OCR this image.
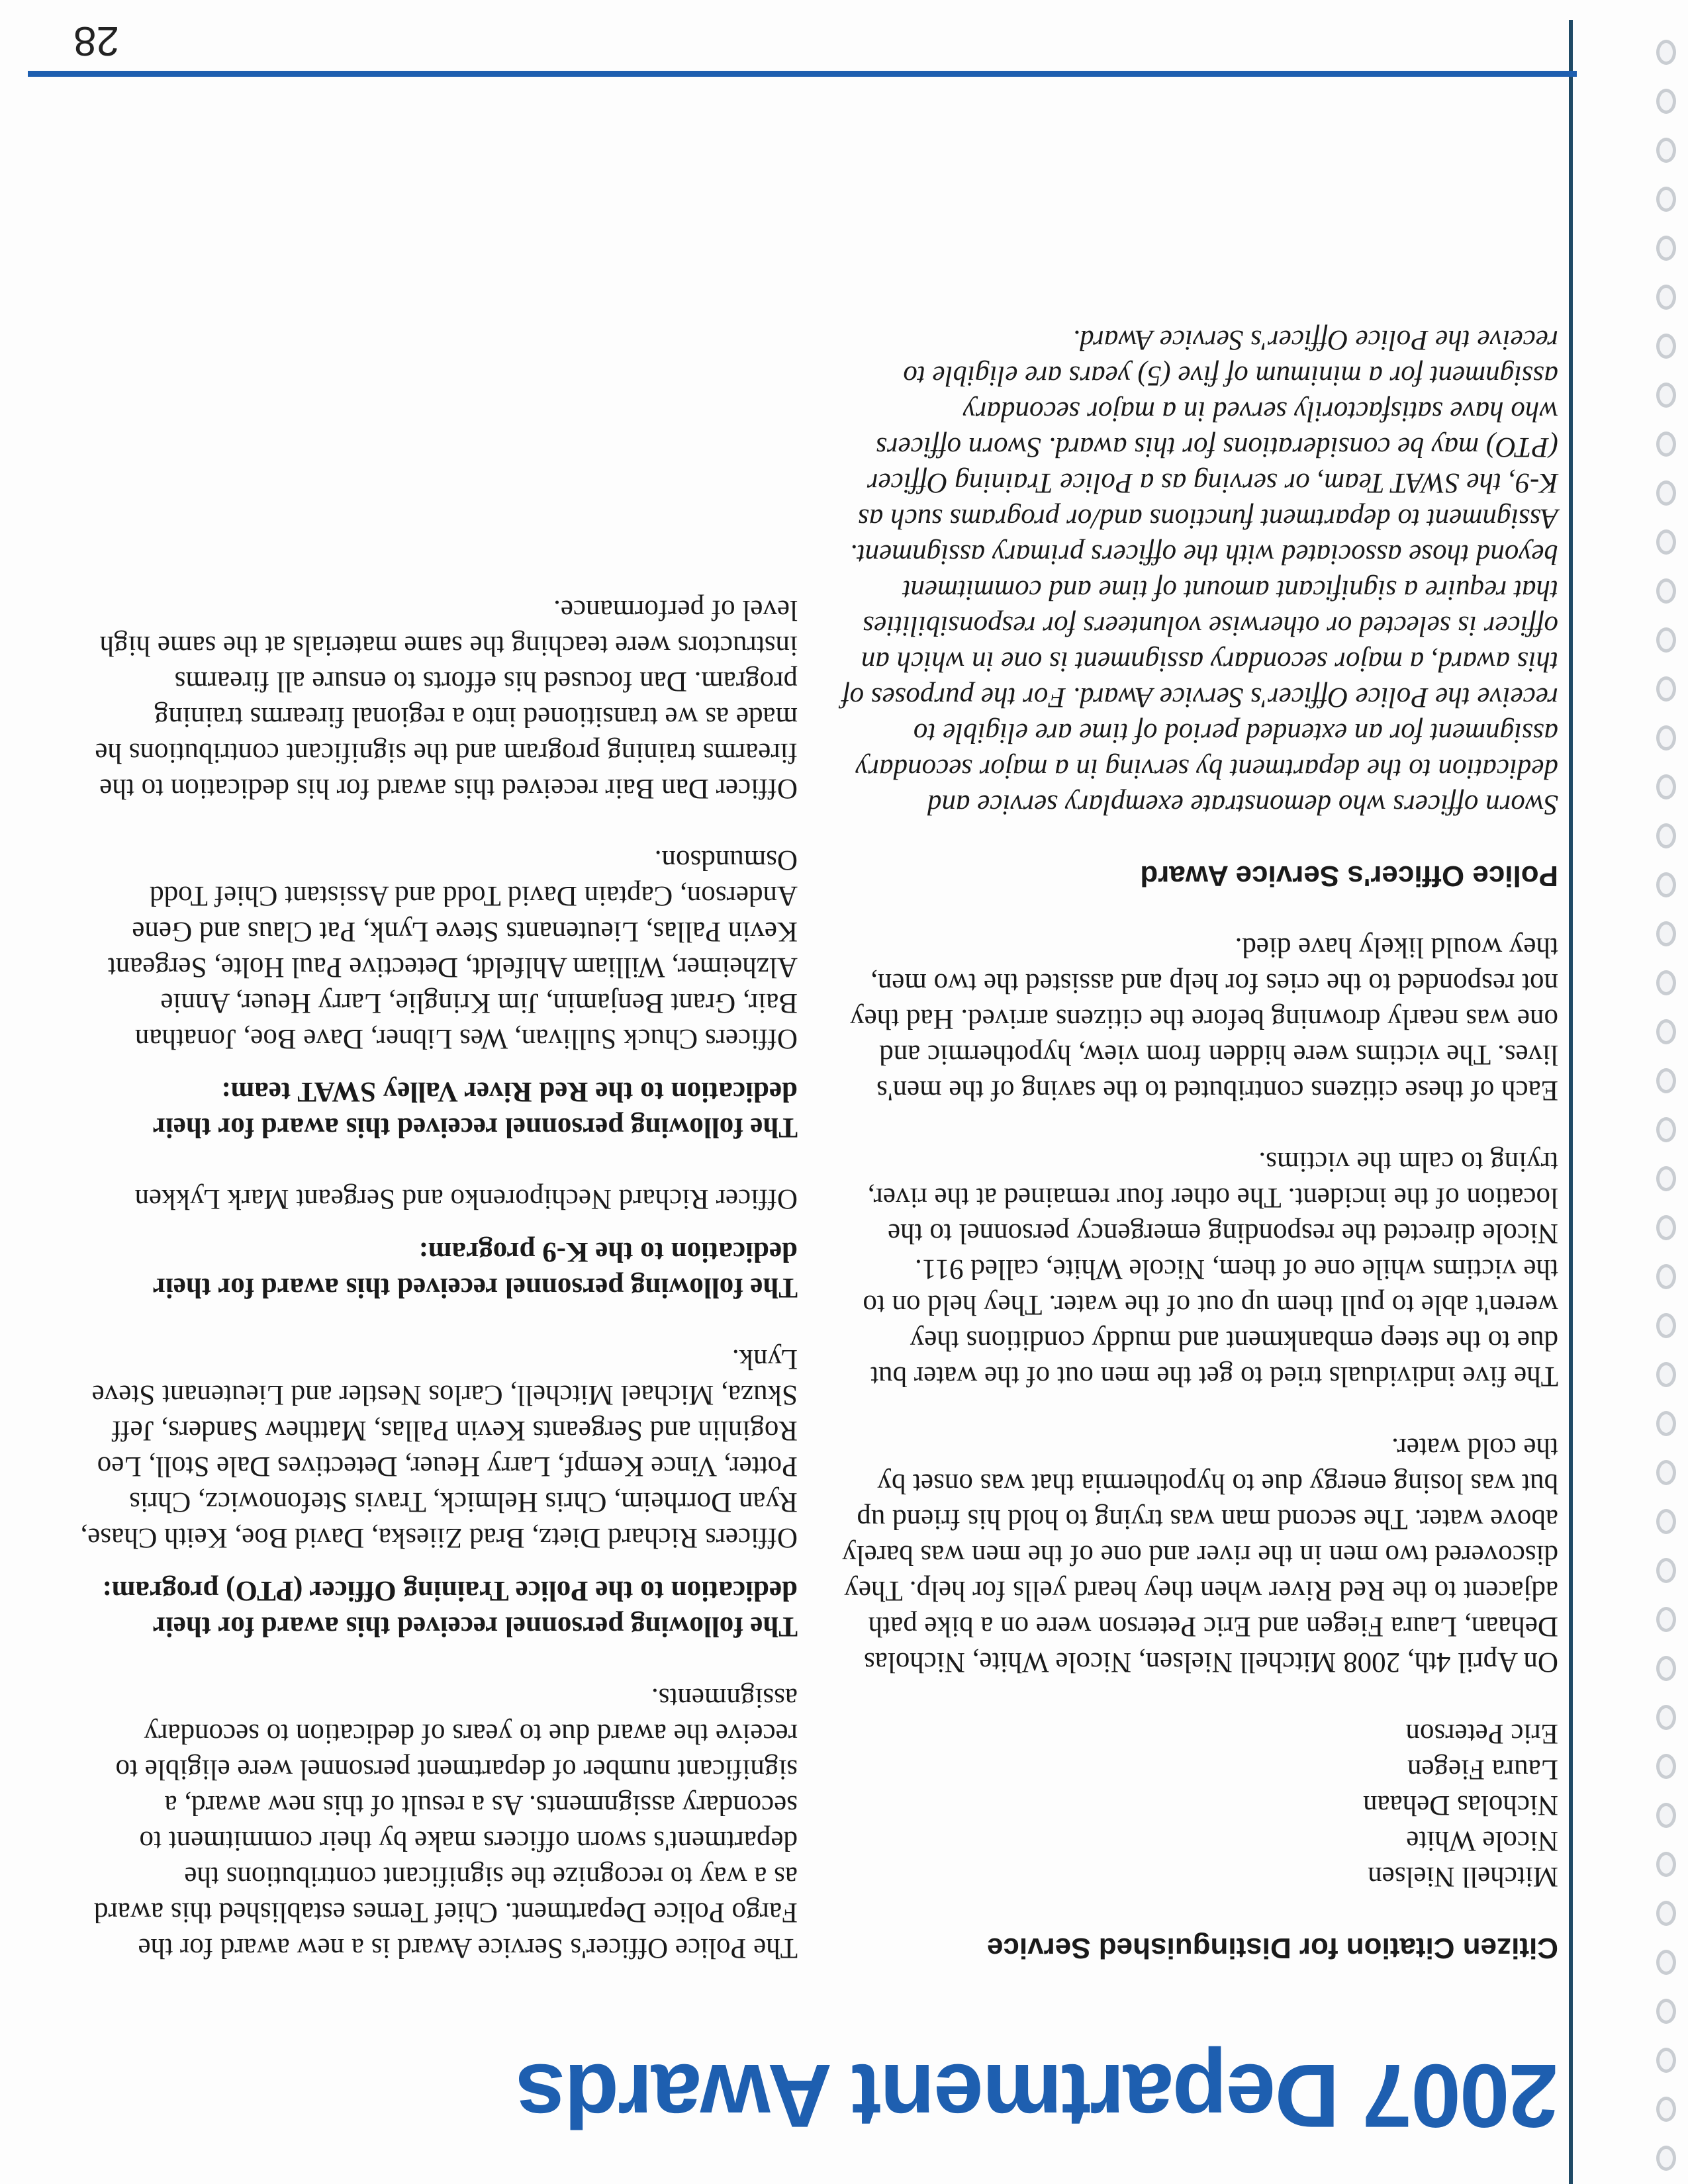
2007 Department Awards
Citizen Citation for Distinguished Service
Mitchell Nielsen
Nicole White
Nicholas Dehaan
Laura Fiegen
Eric Peterson

On April 4th, 2008 Mitchell Nielsen, Nicole White, Nicholas Dehaan, Laura Fiegen and Eric Peterson were on a bike path adjacent to the Red River when they heard yells for help. They discovered two men in the river and one of the men was barely above water. The second man was trying to hold his friend up but was losing energy due to hypothermia that was onset by the cold water.

The five individuals tried to get the men out of the water but due to the steep embankment and muddy conditions they weren't able to pull them up out of the water. They held on to the victims while one of them, Nicole White, called 911. Nicole directed the responding emergency personnel to the location of the incident. The other four remained at the river, trying to calm the victims.

Each of these citizens contributed to the saving of the men's lives. The victims were hidden from view, hypothermic and one was nearly drowning before the citizens arrived. Had they not responded to the cries for help and assisted the two men, they would likely have died.

Police Officer's Service Award

Sworn officers who demonstrate exemplary service and dedication to the department by serving in a major secondary assignment for an extended period of time are eligible to receive the Police Officer's Service Award. For the purposes of this award, a major secondary assignment is one in which an officer is selected or otherwise volunteers for responsibilities that require a significant amount of time and commitment beyond those associated with the officers primary assignment. Assignment to department functions and/or programs such as K-9, the SWAT Team, or serving as a Police Training Officer (PTO) may be considerations for this award. Sworn officers who have satisfactorily served in a major secondary assignment for a minimum of five (5) years are eligible to receive the Police Officer's Service Award.

The Police Officer's Service Award is a new award for the Fargo Police Department. Chief Ternes established this award as a way to recognize the significant contributions the department's sworn officers make by their commitment to secondary assignments. As a result of this new award, a significant number of department personnel were eligible to receive the award due to years of dedication to secondary assignments.

The following personnel received this award for their dedication to the Police Training Officer (PTO) program:

Officers Richard Dietz, Brad Ziieska, David Boe, Keith Chase, Ryan Dorrheim, Chris Helmick, Travis Stefonowicz, Chris Potter, Vince Kempf, Larry Heuer, Detectives Dale Stoll, Leo Roginlin and Sergeants Kevin Pallas, Matthew Sanders, Jeff Skuza, Michael Mitchell, Carlos Nestler and Lieutenant Steve Lynk.

The following personnel received this award for their dedication to the K-9 program:

Officer Richard Nechiporenko and Sergeant Mark Lykken

The following personnel received this award for their dedication to the Red River Valley SWAT team:

Officers Chuck Sullivan, Wes Libner, Dave Boe, Jonathan Bair, Grant Benjamin, Jim Kringlie, Larry Heuer, Annie Alzheimer, William Ahlfeldt, Detective Paul Holte, Sergeant Kevin Pallas, Lieutenants Steve Lynk, Pat Claus and Gene Anderson, Captain David Todd and Assistant Chief Todd Osmundson.

Officer Dan Bair received this award for his dedication to the firearms training program and the significant contributions he made as we transitioned into a regional firearms training program. Dan focused his efforts to ensure all firearms instructors were teaching the same materials at the same high level of performance.

28
